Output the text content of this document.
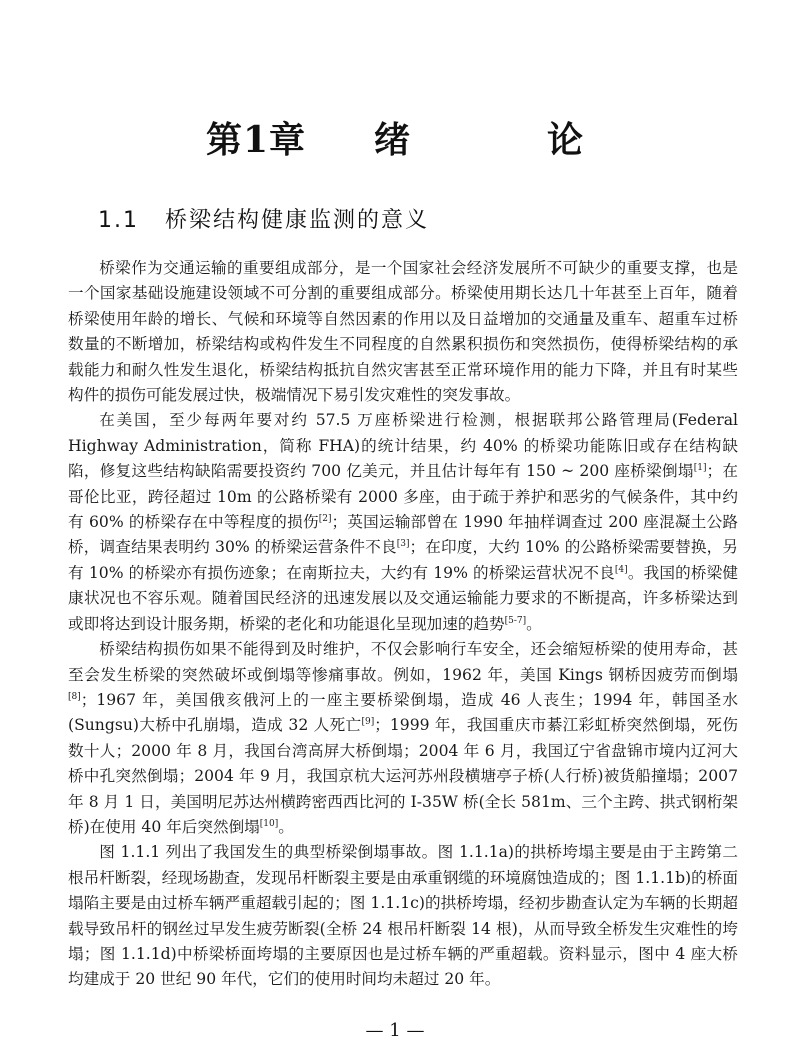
第1章 绪	论
1.1 桥梁结构健康监测的意义

桥梁作为交通运输的重要组成部分，是一个国家社会经济发展所不可缺少的重要支撑，也是一个国家基础设施建设领域不可分割的重要组成部分。桥梁使用期长达几十年甚至上百年，随着桥梁使用年龄的增长、气候和环境等自然因素的作用以及日益增加的交通量及重车、超重车过桥数量的不断增加，桥梁结构或构件发生不同程度的自然累积损伤和突然损伤，使得桥梁结构的承载能力和耐久性发生退化，桥梁结构抵抗自然灾害甚至正常环境作用的能力下降，并且有时某些构件的损伤可能发展过快，极端情况下易引发灾难性的突发事故。

在美国，至少每两年要对约 57.5 万座桥梁进行检测，根据联邦公路管理局(Federal Highway Administration，简称 FHA)的统计结果，约 40% 的桥梁功能陈旧或存在结构缺陷，修复这些结构缺陷需要投资约 700 亿美元，并且估计每年有 150 ~ 200 座桥梁倒塌[1]；在哥伦比亚，跨径超过 10m 的公路桥梁有 2000 多座，由于疏于养护和恶劣的气候条件，其中约有 60% 的桥梁存在中等程度的损伤[2]；英国运输部曾在 1990 年抽样调查过 200 座混凝土公路桥，调查结果表明约 30% 的桥梁运营条件不良[3]；在印度，大约 10% 的公路桥梁需要替换，另有 10% 的桥梁亦有损伤迹象；在南斯拉夫，大约有 19% 的桥梁运营状况不良[4]。我国的桥梁健康状况也不容乐观。随着国民经济的迅速发展以及交通运输能力要求的不断提高，许多桥梁达到或即将达到设计服务期，桥梁的老化和功能退化呈现加速的趋势[5-7]。

桥梁结构损伤如果不能得到及时维护，不仅会影响行车安全，还会缩短桥梁的使用寿命，甚至会发生桥梁的突然破坏或倒塌等惨痛事故。例如，1962 年，美国 Kings 钢桥因疲劳而倒塌[8]；1967 年，美国俄亥俄河上的一座主要桥梁倒塌，造成 46 人丧生；1994 年，韩国圣水(Sungsu)大桥中孔崩塌，造成 32 人死亡[9]；1999 年，我国重庆市綦江彩虹桥突然倒塌，死伤数十人；2000 年 8 月，我国台湾高屏大桥倒塌；2004 年 6 月，我国辽宁省盘锦市境内辽河大桥中孔突然倒塌；2004 年 9 月，我国京杭大运河苏州段横塘亭子桥(人行桥)被货船撞塌；2007 年 8 月 1 日，美国明尼苏达州横跨密西西比河的 I-35W 桥(全长 581m、三个主跨、拱式钢桁架桥)在使用 40 年后突然倒塌[10]。

图 1.1.1 列出了我国发生的典型桥梁倒塌事故。图 1.1.1a)的拱桥垮塌主要是由于主跨第二根吊杆断裂，经现场勘查，发现吊杆断裂主要是由承重钢缆的环境腐蚀造成的；图 1.1.1b)的桥面塌陷主要是由过桥车辆严重超载引起的；图 1.1.1c)的拱桥垮塌，经初步勘查认定为车辆的长期超载导致吊杆的钢丝过早发生疲劳断裂(全桥 24 根吊杆断裂 14 根)，从而导致全桥发生灾难性的垮塌；图 1.1.1d)中桥梁桥面垮塌的主要原因也是过桥车辆的严重超载。资料显示，图中 4 座大桥均建成于 20 世纪 90 年代，它们的使用时间均未超过 20 年。

— 1 —
